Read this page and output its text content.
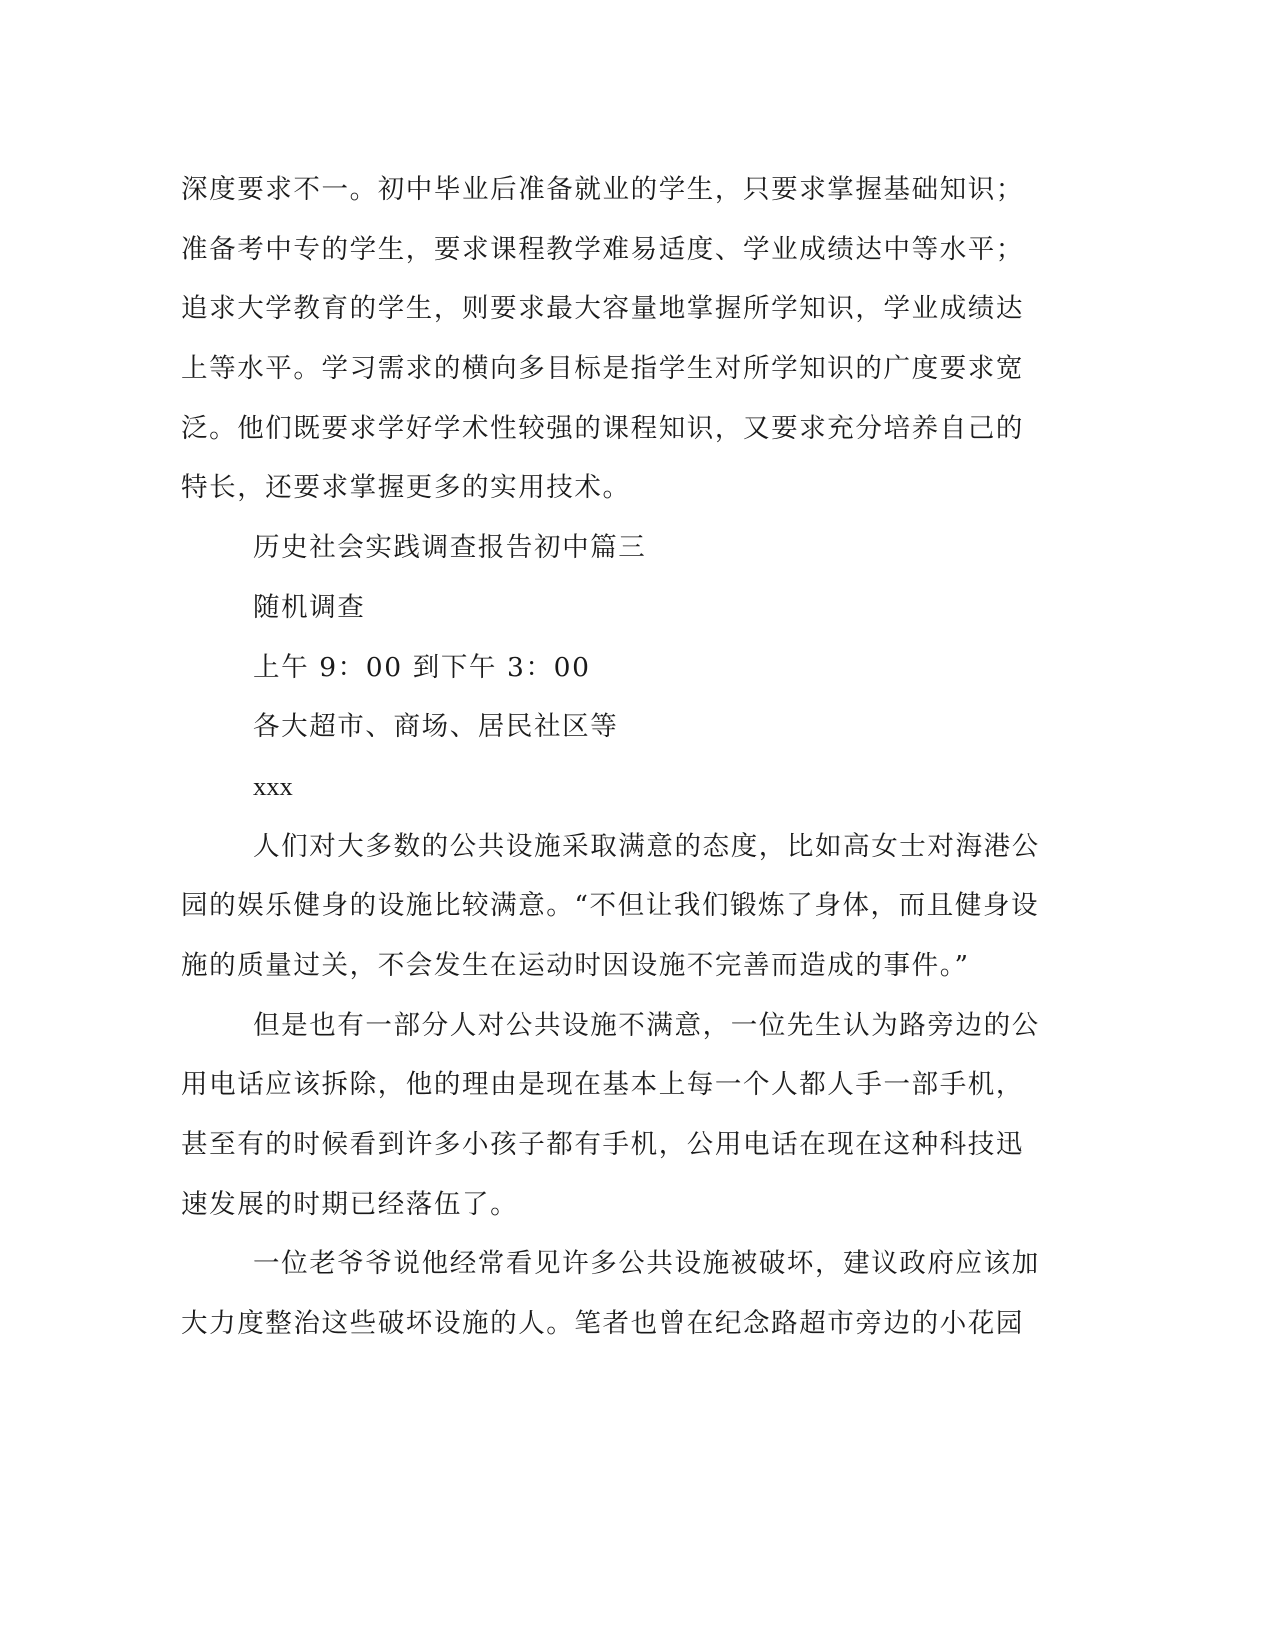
深度要求不一。初中毕业后准备就业的学生，只要求掌握基础知识；
准备考中专的学生，要求课程教学难易适度、学业成绩达中等水平；
追求大学教育的学生，则要求最大容量地掌握所学知识，学业成绩达
上等水平。学习需求的横向多目标是指学生对所学知识的广度要求宽
泛。他们既要求学好学术性较强的课程知识，又要求充分培养自己的
特长，还要求掌握更多的实用技术。
历史社会实践调查报告初中篇三
随机调查
上午 9：00 到下午 3：00
各大超市、商场、居民社区等
xxx
人们对大多数的公共设施采取满意的态度，比如高女士对海港公
园的娱乐健身的设施比较满意。“不但让我们锻炼了身体，而且健身设
施的质量过关，不会发生在运动时因设施不完善而造成的事件。”
但是也有一部分人对公共设施不满意，一位先生认为路旁边的公
用电话应该拆除，他的理由是现在基本上每一个人都人手一部手机，
甚至有的时候看到许多小孩子都有手机，公用电话在现在这种科技迅
速发展的时期已经落伍了。
一位老爷爷说他经常看见许多公共设施被破坏，建议政府应该加
大力度整治这些破坏设施的人。笔者也曾在纪念路超市旁边的小花园
